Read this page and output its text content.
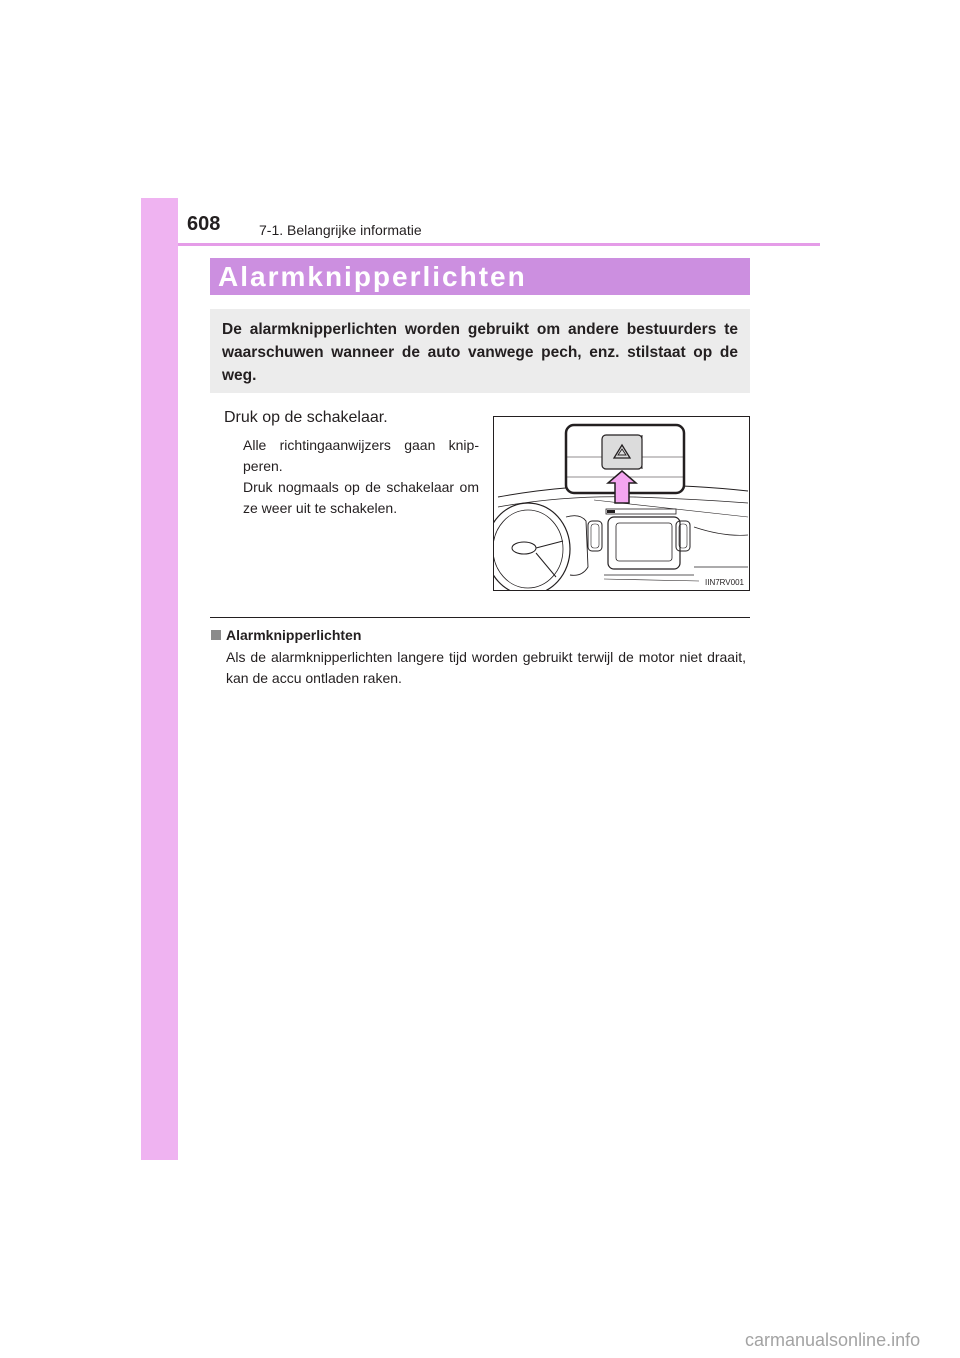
608	7-1. Belangrijke informatie
Alarmknipperlichten
De alarmknipperlichten worden gebruikt om andere bestuurders te waarschuwen wanneer de auto vanwege pech, enz. stilstaat op de weg.
Druk op de schakelaar.
Alle richtingaanwijzers gaan knip-peren.
Druk nogmaals op de schakelaar om ze weer uit te schakelen.
IIN7RV001
Alarmknipperlichten
Als de alarmknipperlichten langere tijd worden gebruikt terwijl de motor niet draait, kan de accu ontladen raken.
carmanualsonline.info
